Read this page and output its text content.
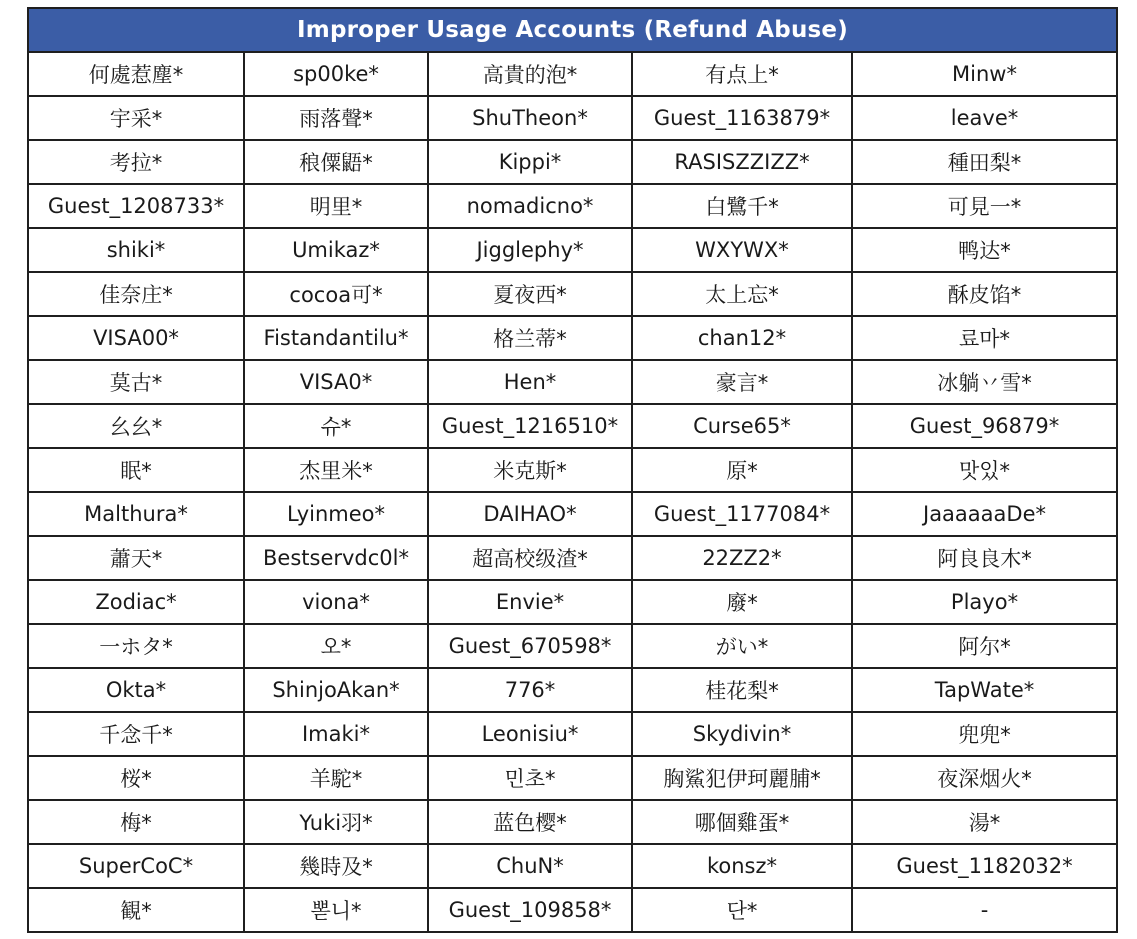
Improper Usage Accounts (Refund Abuse)				
何處惹塵*	sp00ke*	高貴的泡*	有点上*	Minw*
宇采*	雨落聲*	ShuTheon*	Guest_1163879*	leave*
考拉*	稂僳鼯*	Kippi*	RASISZZIZZ*	種田梨*
Guest_1208733*	明里*	nomadicno*	白鷺千*	可見一*
shiki*	Umikaz*	Jigglephy*	WXYWX*	鸭达*
佳奈庄*	cocoa可*	夏夜西*	太上忘*	酥皮馅*
VISA00*	Fistandantilu*	格兰蒂*	chan12*	료마*
莫古*	VISA0*	Hen*	豪言*	冰躺丷雪*
幺幺*	슈*	Guest_1216510*	Curse65*	Guest_96879*
眠*	杰里米*	米克斯*	原*	맛있*
Malthura*	Lyinmeo*	DAIHAO*	Guest_1177084*	JaaaaaaDe*
蕭天*	Bestservdc0l*	超高校级渣*	22ZZ2*	阿良良木*
Zodiac*	viona*	Envie*	廢*	Playo*
一ホタ*	오*	Guest_670598*	がい*	阿尔*
Okta*	ShinjoAkan*	776*	桂花梨*	TapWate*
千念千*	Imaki*	Leonisiu*	Skydivin*	兜兜*
桜*	羊駝*	민초*	胸鯊犯伊珂麗脯*	夜深烟火*
梅*	Yuki羽*	蓝色樱*	哪個雞蛋*	湯*
SuperCoC*	幾時及*	ChuN*	konsz*	Guest_1182032*
観*	뽇니*	Guest_109858*	단*	-
